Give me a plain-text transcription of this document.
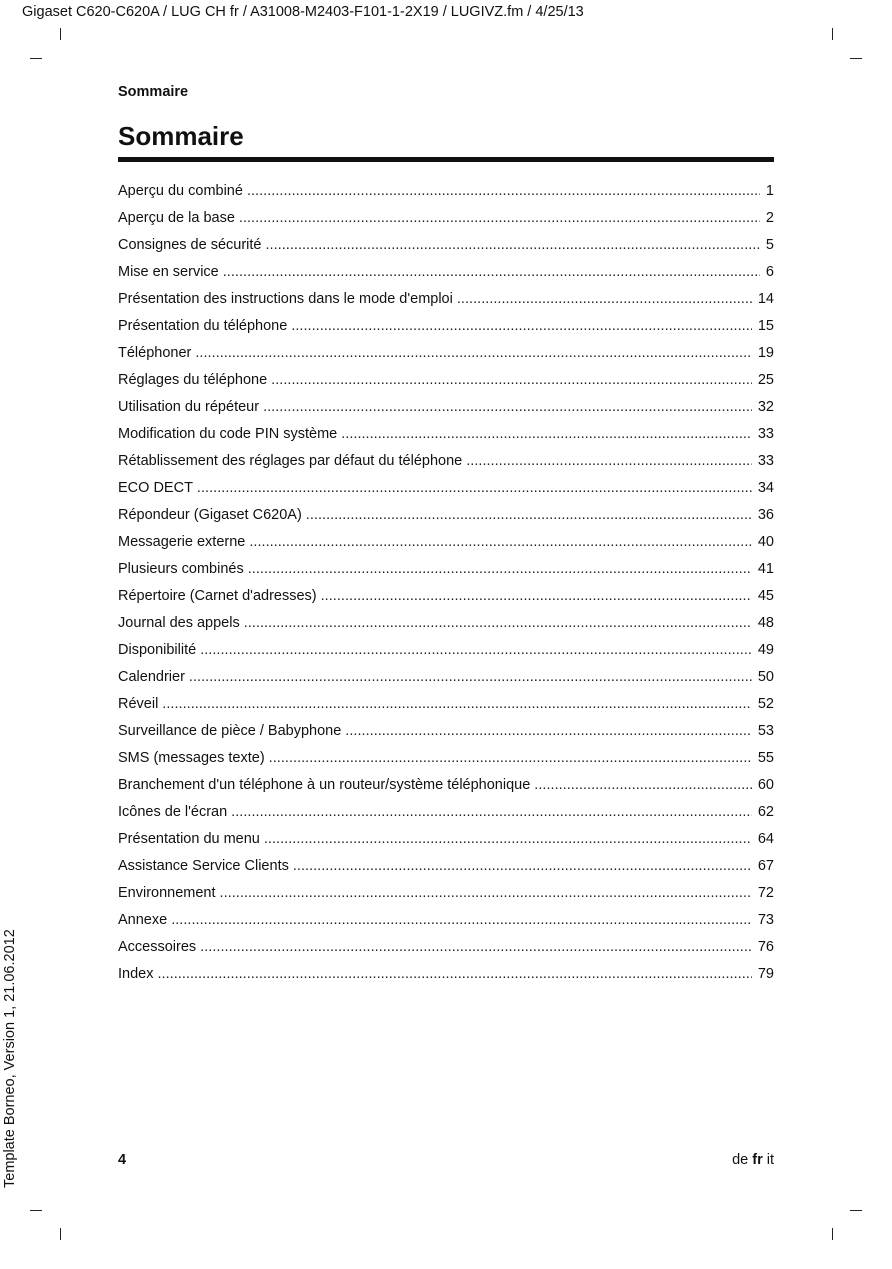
Gigaset C620-C620A / LUG CH fr / A31008-M2403-F101-1-2X19 / LUGIVZ.fm / 4/25/13
Sommaire
Sommaire
Aperçu du combiné . . .	1
Aperçu de la base . . .	2
Consignes de sécurité . . .	5
Mise en service . . .	6
Présentation des instructions dans le mode d'emploi . . .	14
Présentation du téléphone . . .	15
Téléphoner . . .	19
Réglages du téléphone . . .	25
Utilisation du répéteur . . .	32
Modification du code PIN système . . .	33
Rétablissement des réglages par défaut du téléphone . . .	33
ECO DECT . . .	34
Répondeur (Gigaset C620A) . . .	36
Messagerie externe . . .	40
Plusieurs combinés . . .	41
Répertoire (Carnet d'adresses) . . .	45
Journal des appels . . .	48
Disponibilité . . .	49
Calendrier . . .	50
Réveil . . .	52
Surveillance de pièce / Babyphone . . .	53
SMS (messages texte) . . .	55
Branchement d'un téléphone à un routeur/système téléphonique . . .	60
Icônes de l'écran . . .	62
Présentation du menu . . .	64
Assistance Service Clients . . .	67
Environnement . . .	72
Annexe . . .	73
Accessoires . . .	76
Index . . .	79
4	de fr it
Template Borneo, Version 1, 21.06.2012
